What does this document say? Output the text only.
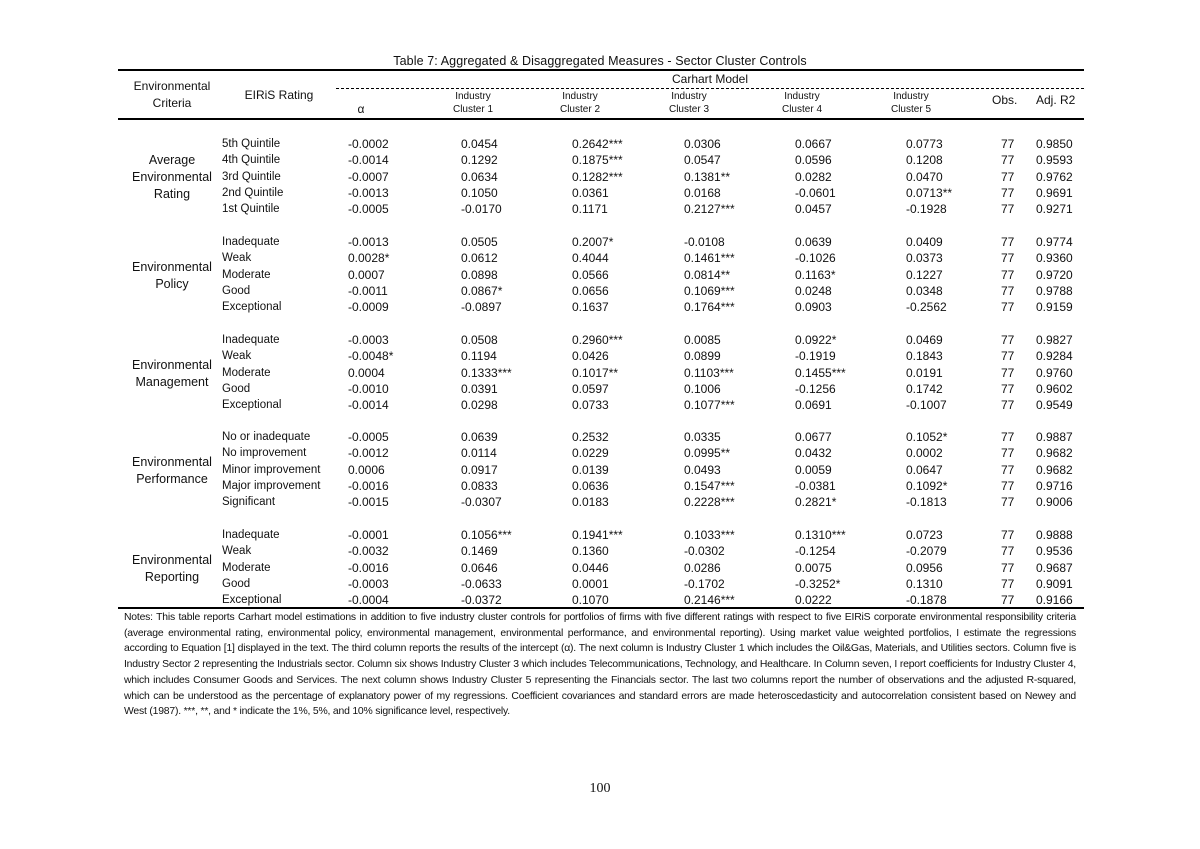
Table 7: Aggregated & Disaggregated Measures - Sector Cluster Controls
Environmental
Criteria
EIRiS Rating
Carhart Model
α
Industry
Cluster 1
Industry
Cluster 2
Industry
Cluster 3
Industry
Cluster 4
Industry
Cluster 5
Obs. Adj. R2
Average
Environmental
Rating
5th Quintile	-0.0002	0.0454	0.2642***	0.0306	0.0667	0.0773	77 0.9850
4th Quintile	-0.0014	0.1292	0.1875***	0.0547	0.0596	0.1208	77 0.9593
3rd Quintile	-0.0007	0.0634	0.1282***	0.1381**	0.0282	0.0470	77 0.9762
2nd Quintile	-0.0013	0.1050	0.0361	0.0168	-0.0601	0.0713**	77 0.9691
1st Quintile	-0.0005	-0.0170	0.1171	0.2127***	0.0457	-0.1928	77 0.9271
Environmental
Policy
Inadequate	-0.0013	0.0505	0.2007*	-0.0108	0.0639	0.0409	77 0.9774
Weak	0.0028*	0.0612	0.4044	0.1461***	-0.1026	0.0373	77 0.9360
Moderate	0.0007	0.0898	0.0566	0.0814**	0.1163*	0.1227	77 0.9720
Good	-0.0011	0.0867*	0.0656	0.1069***	0.0248	0.0348	77 0.9788
Exceptional	-0.0009	-0.0897	0.1637	0.1764***	0.0903	-0.2562	77 0.9159
Environmental
Management
Inadequate	-0.0003	0.0508	0.2960***	0.0085	0.0922*	0.0469	77 0.9827
Weak	-0.0048*	0.1194	0.0426	0.0899	-0.1919	0.1843	77 0.9284
Moderate	0.0004	0.1333***	0.1017**	0.1103***	0.1455***	0.0191	77 0.9760
Good	-0.0010	0.0391	0.0597	0.1006	-0.1256	0.1742	77 0.9602
Exceptional	-0.0014	0.0298	0.0733	0.1077***	0.0691	-0.1007	77 0.9549
Environmental
Performance
No or inadequate	-0.0005	0.0639	0.2532	0.0335	0.0677	0.1052*	77 0.9887
No improvement	-0.0012	0.0114	0.0229	0.0995**	0.0432	0.0002	77 0.9682
Minor improvement 0.0006	0.0917	0.0139	0.0493	0.0059	0.0647	77 0.9682
Major improvement -0.0016	0.0833	0.0636	0.1547***	-0.0381	0.1092*	77 0.9716
Significant	-0.0015	-0.0307	0.0183	0.2228***	0.2821*	-0.1813	77 0.9006
Environmental
Reporting
Inadequate	-0.0001	0.1056***	0.1941***	0.1033***	0.1310***	0.0723	77 0.9888
Weak	-0.0032	0.1469	0.1360	-0.0302	-0.1254	-0.2079	77 0.9536
Moderate	-0.0016	0.0646	0.0446	0.0286	0.0075	0.0956	77 0.9687
Good	-0.0003	-0.0633	0.0001	-0.1702	-0.3252*	0.1310	77 0.9091
Exceptional	-0.0004	-0.0372	0.1070	0.2146***	0.0222	-0.1878	77 0.9166
Notes: This table reports Carhart model estimations in addition to five industry cluster controls for portfolios of firms with five different ratings with respect to five EIRiS corporate environmental responsibility criteria (average environmental rating, environmental policy, environmental management, environmental performance, and environmental reporting). Using market value weighted portfolios, I estimate the regressions according to Equation [1] displayed in the text. The third column reports the results of the intercept (α). The next column is Industry Cluster 1 which includes the Oil&Gas, Materials, and Utilities sectors. Column five is Industry Sector 2 representing the Industrials sector. Column six shows Industry Cluster 3 which includes Telecommunications, Technology, and Healthcare. In Column seven, I report coefficients for Industry Cluster 4, which includes Consumer Goods and Services. The next column shows Industry Cluster 5 representing the Financials sector. The last two columns report the number of observations and the adjusted R-squared, which can be understood as the percentage of explanatory power of my regressions. Coefficient covariances and standard errors are made heteroscedasticity and autocorrelation consistent based on Newey and West (1987). ***, **, and * indicate the 1%, 5%, and 10% significance level, respectively.
100
